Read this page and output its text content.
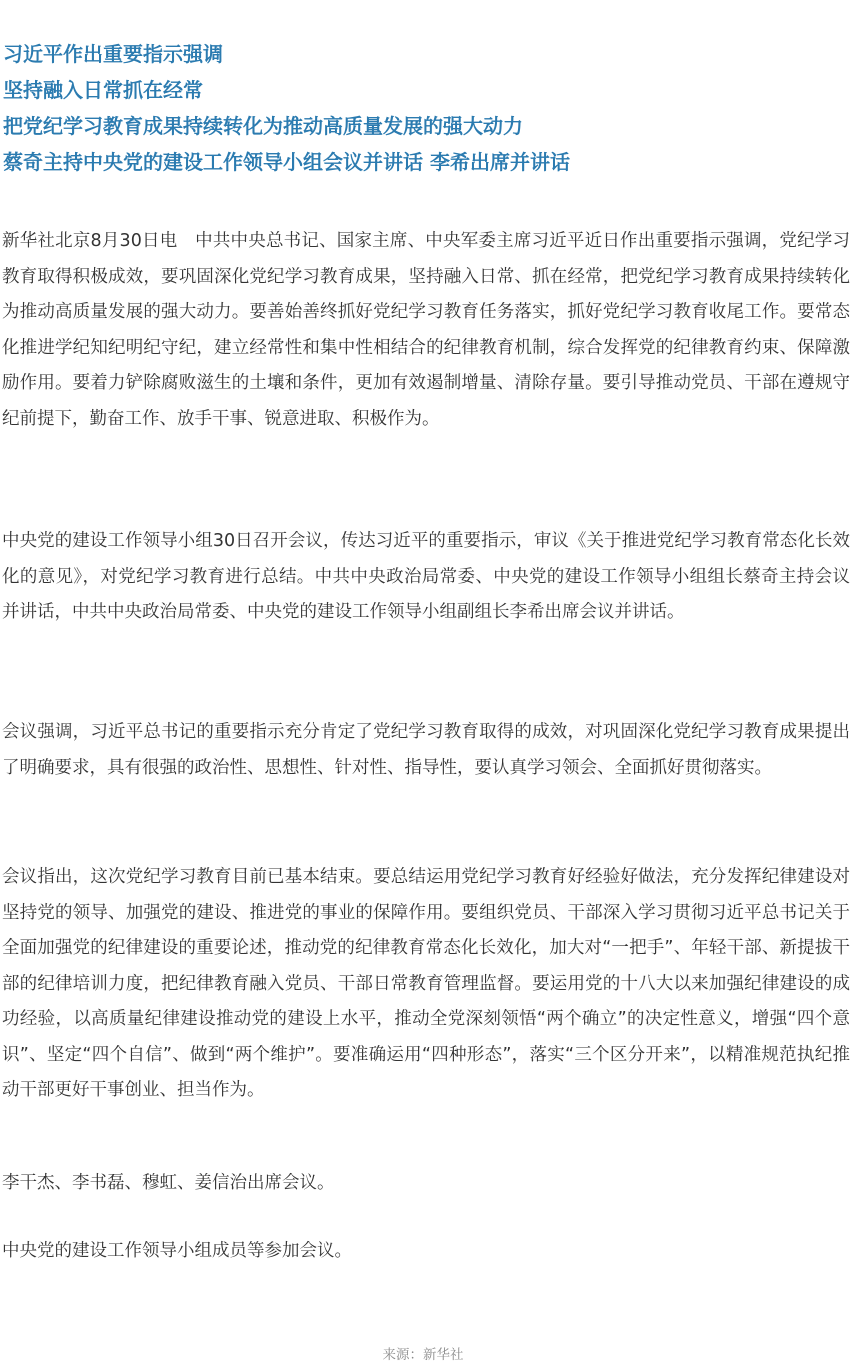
习近平作出重要指示强调
坚持融入日常抓在经常
把党纪学习教育成果持续转化为推动高质量发展的强大动力
蔡奇主持中央党的建设工作领导小组会议并讲话 李希出席并讲话

新华社北京8月30日电　中共中央总书记、国家主席、中央军委主席习近平近日作出重要指示强调，党纪学习教育取得积极成效，要巩固深化党纪学习教育成果，坚持融入日常、抓在经常，把党纪学习教育成果持续转化为推动高质量发展的强大动力。要善始善终抓好党纪学习教育任务落实，抓好党纪学习教育收尾工作。要常态化推进学纪知纪明纪守纪，建立经常性和集中性相结合的纪律教育机制，综合发挥党的纪律教育约束、保障激励作用。要着力铲除腐败滋生的土壤和条件，更加有效遏制增量、清除存量。要引导推动党员、干部在遵规守纪前提下，勤奋工作、放手干事、锐意进取、积极作为。

中央党的建设工作领导小组30日召开会议，传达习近平的重要指示，审议《关于推进党纪学习教育常态化长效化的意见》，对党纪学习教育进行总结。中共中央政治局常委、中央党的建设工作领导小组组长蔡奇主持会议并讲话，中共中央政治局常委、中央党的建设工作领导小组副组长李希出席会议并讲话。

会议强调，习近平总书记的重要指示充分肯定了党纪学习教育取得的成效，对巩固深化党纪学习教育成果提出了明确要求，具有很强的政治性、思想性、针对性、指导性，要认真学习领会、全面抓好贯彻落实。

会议指出，这次党纪学习教育目前已基本结束。要总结运用党纪学习教育好经验好做法，充分发挥纪律建设对坚持党的领导、加强党的建设、推进党的事业的保障作用。要组织党员、干部深入学习贯彻习近平总书记关于全面加强党的纪律建设的重要论述，推动党的纪律教育常态化长效化，加大对“一把手”、年轻干部、新提拔干部的纪律培训力度，把纪律教育融入党员、干部日常教育管理监督。要运用党的十八大以来加强纪律建设的成功经验，以高质量纪律建设推动党的建设上水平，推动全党深刻领悟“两个确立”的决定性意义，增强“四个意识”、坚定“四个自信”、做到“两个维护”。要准确运用“四种形态”，落实“三个区分开来”，以精准规范执纪推动干部更好干事创业、担当作为。

李干杰、李书磊、穆虹、姜信治出席会议。

中央党的建设工作领导小组成员等参加会议。

来源：新华社
